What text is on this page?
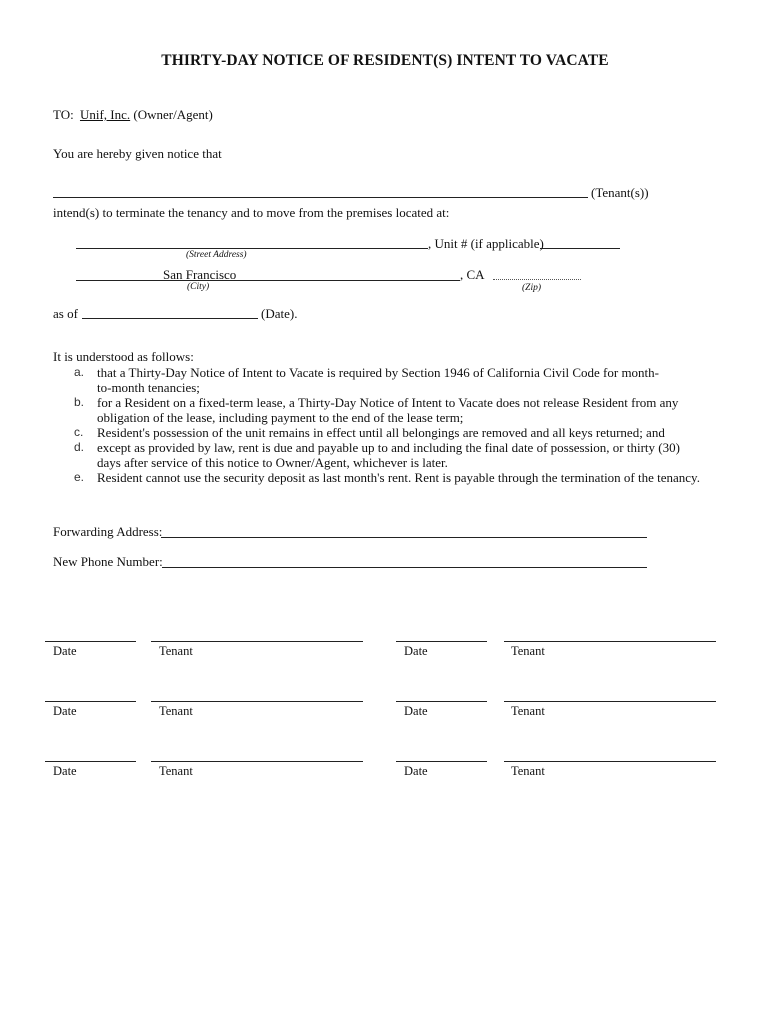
THIRTY-DAY NOTICE OF RESIDENT(S) INTENT TO VACATE
TO: Unif, Inc. (Owner/Agent)
You are hereby given notice that
(Tenant(s))
intend(s) to terminate the tenancy and to move from the premises located at:
, Unit # (if applicable)
(Street Address)
San Francisco	, CA
(City)	(Zip)
as of	(Date).
It is understood as follows:
a. that a Thirty-Day Notice of Intent to Vacate is required by Section 1946 of California Civil Code for month-
to-month tenancies;
b. for a Resident on a fixed-term lease, a Thirty-Day Notice of Intent to Vacate does not release Resident from any
obligation of the lease, including payment to the end of the lease term;
c. Resident's possession of the unit remains in effect until all belongings are removed and all keys returned; and
d. except as provided by law, rent is due and payable up to and including the final date of possession, or thirty (30)
days after service of this notice to Owner/Agent, whichever is later.
e. Resident cannot use the security deposit as last month's rent. Rent is payable through the termination of the tenancy.
Forwarding Address:
New Phone Number:
Date	Tenant	Date	Tenant
Date	Tenant	Date	Tenant
Date	Tenant	Date	Tenant
